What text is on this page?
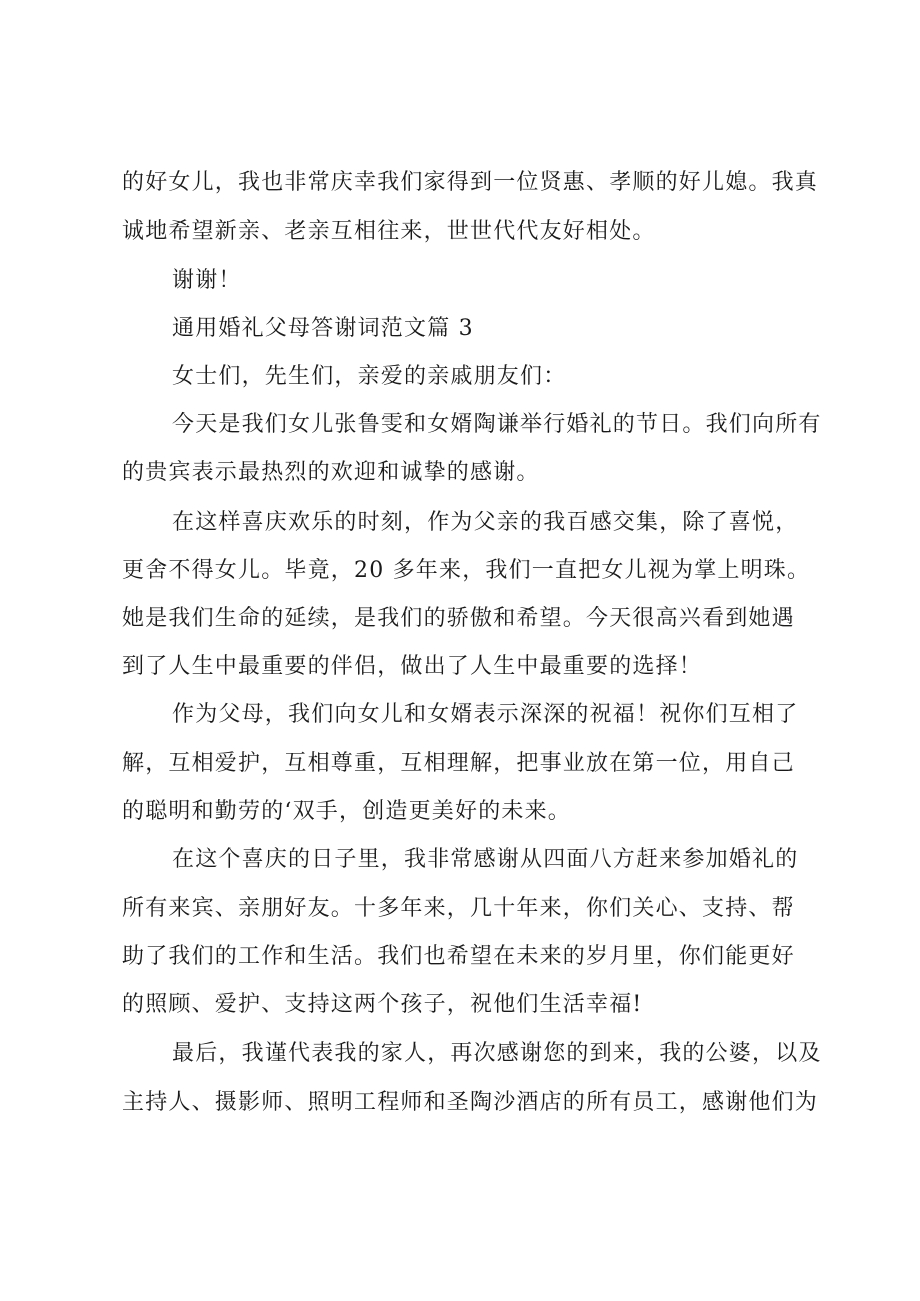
的好女儿，我也非常庆幸我们家得到一位贤惠、孝顺的好儿媳。我真
诚地希望新亲、老亲互相往来，世世代代友好相处。
谢谢！
通用婚礼父母答谢词范文篇 3
女士们，先生们，亲爱的亲戚朋友们：
今天是我们女儿张鲁雯和女婿陶谦举行婚礼的节日。我们向所有
的贵宾表示最热烈的欢迎和诚挚的感谢。
在这样喜庆欢乐的时刻，作为父亲的我百感交集，除了喜悦，
更舍不得女儿。毕竟，20 多年来，我们一直把女儿视为掌上明珠。
她是我们生命的延续，是我们的骄傲和希望。今天很高兴看到她遇
到了人生中最重要的伴侣，做出了人生中最重要的选择！
作为父母，我们向女儿和女婿表示深深的祝福！祝你们互相了
解，互相爱护，互相尊重，互相理解，把事业放在第一位，用自己
的聪明和勤劳的‘双手，创造更美好的未来。
在这个喜庆的日子里，我非常感谢从四面八方赶来参加婚礼的
所有来宾、亲朋好友。十多年来，几十年来，你们关心、支持、帮
助了我们的工作和生活。我们也希望在未来的岁月里，你们能更好
的照顾、爱护、支持这两个孩子，祝他们生活幸福!
最后，我谨代表我的家人，再次感谢您的到来，我的公婆，以及
主持人、摄影师、照明工程师和圣陶沙酒店的所有员工，感谢他们为
